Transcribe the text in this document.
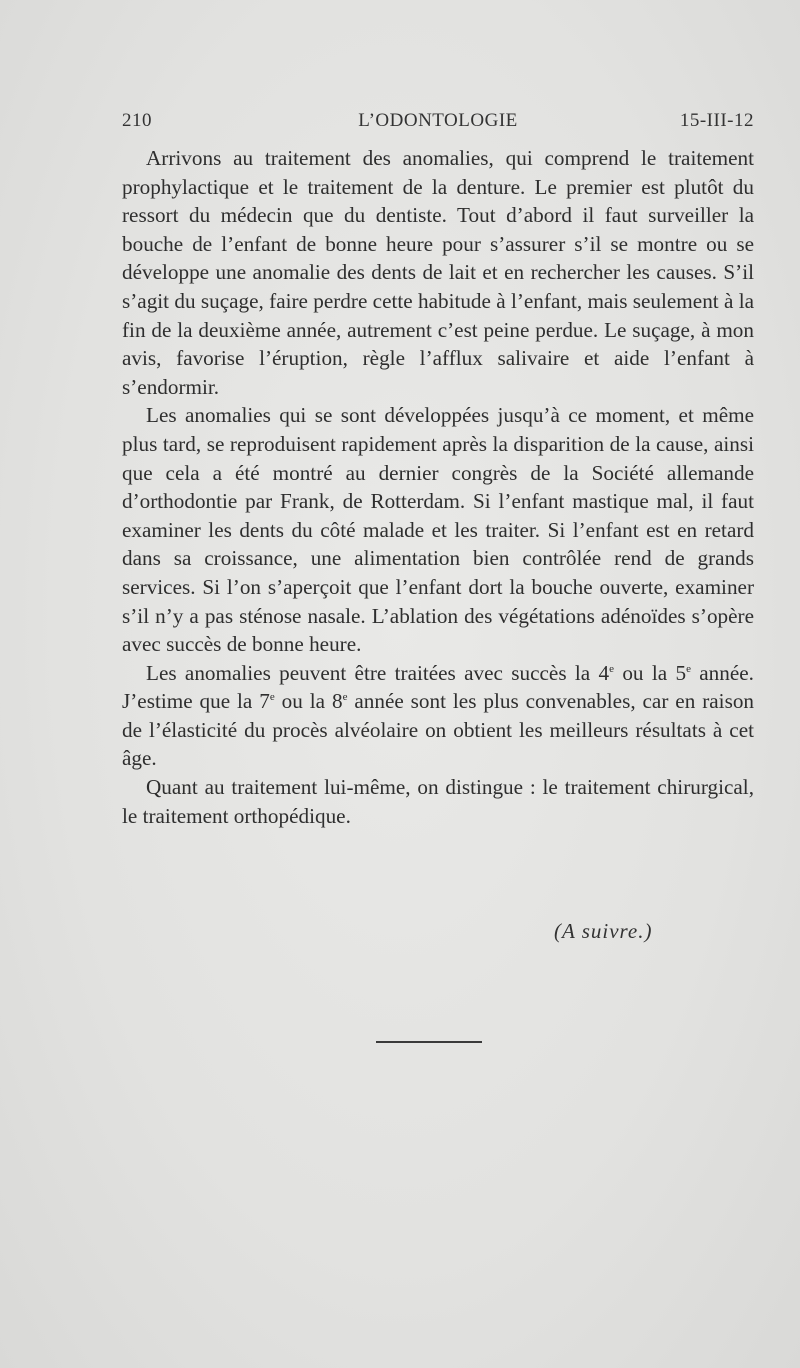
210	L’ODONTOLOGIE	15-III-12

Arrivons au traitement des anomalies, qui comprend le traitement prophylactique et le traitement de la denture. Le premier est plutôt du ressort du médecin que du dentiste. Tout d’abord il faut surveiller la bouche de l’enfant de bonne heure pour s’assurer s’il se montre ou se développe une anomalie des dents de lait et en rechercher les causes. S’il s’agit du suçage, faire perdre cette habitude à l’enfant, mais seulement à la fin de la deuxième année, autrement c’est peine perdue. Le suçage, à mon avis, favorise l’éruption, règle l’afflux salivaire et aide l’enfant à s’endormir.

Les anomalies qui se sont développées jusqu’à ce moment, et même plus tard, se reproduisent rapidement après la disparition de la cause, ainsi que cela a été montré au dernier congrès de la Société allemande d’orthodontie par Frank, de Rotterdam. Si l’enfant mastique mal, il faut examiner les dents du côté malade et les traiter. Si l’enfant est en retard dans sa croissance, une alimentation bien contrôlée rend de grands services. Si l’on s’aperçoit que l’enfant dort la bouche ouverte, examiner s’il n’y a pas sténose nasale. L’ablation des végétations adénoïdes s’opère avec succès de bonne heure.

Les anomalies peuvent être traitées avec succès la 4e ou la 5e année. J’estime que la 7e ou la 8e année sont les plus convenables, car en raison de l’élasticité du procès alvéolaire on obtient les meilleurs résultats à cet âge.

Quant au traitement lui-même, on distingue : le traitement chirurgical, le traitement orthopédique.

(A suivre.)
